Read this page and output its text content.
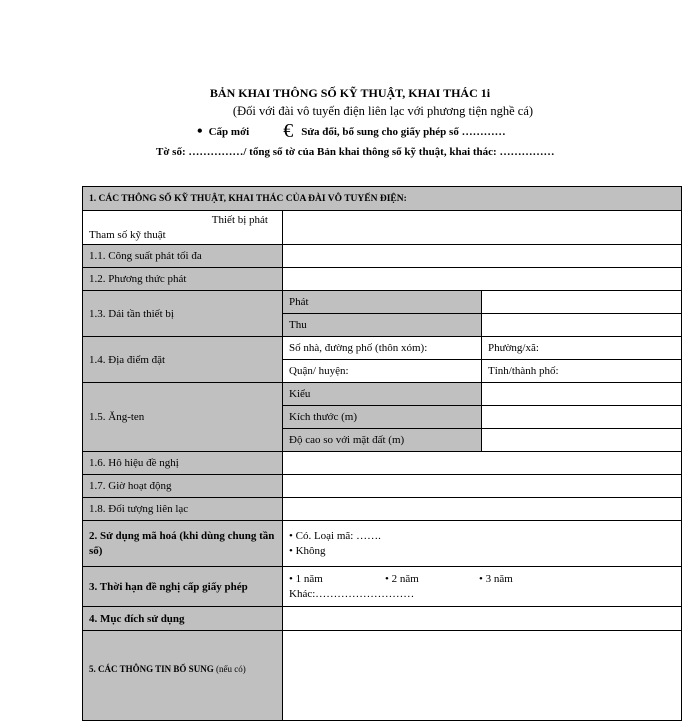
BẢN KHAI THÔNG SỐ KỸ THUẬT, KHAI THÁC 1i
(Đối với đài vô tuyến điện liên lạc với phương tiện nghề cá)
• Cấp mới € Sửa đổi, bổ sung cho giấy phép số …………
Tờ số: ……………/ tổng số tờ của Bản khai thông số kỹ thuật, khai thác: ……………
1. CÁC THÔNG SỐ KỸ THUẬT, KHAI THÁC CỦA ĐÀI VÔ TUYẾN ĐIỆN:		

Thiết bị phát
Tham số kỹ thuật		

1.1. Công suất phát tối đa		
1.2. Phương thức phát		
1.3. Dải tần thiết bị	Phát	
	Thu	
1.4. Địa điểm đặt	Số nhà, đường phố (thôn xóm):	Phường/xã:
	Quận/ huyện:	Tỉnh/thành phố:
1.5. Ăng-ten	Kiểu	
	Kích thước (m)	
	Độ cao so với mặt đất (m)	
1.6. Hô hiệu đề nghị		
1.7. Giờ hoạt động		
1.8. Đối tượng liên lạc		
2. Sử dụng mã hoá (khi dùng chung tần số)	• Có. Loại mã: …….
• Không	

3. Thời hạn đề nghị cấp giấy phép	• 1 năm • 2 năm • 3 năm
Khác:………………………	

4. Mục đích sử dụng		
5. CÁC THÔNG TIN BỔ SUNG (nếu có)		
